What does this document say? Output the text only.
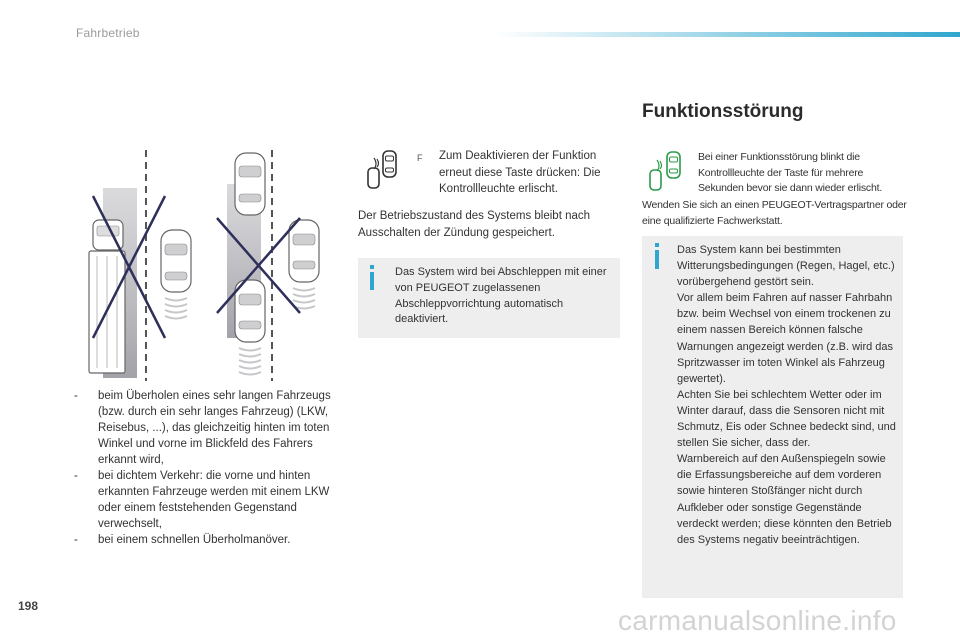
Fahrbetrieb
-	beim Überholen eines sehr langen Fahrzeugs (bzw. durch ein sehr langes Fahrzeug) (LKW, Reisebus, ...), das gleichzeitig hinten im toten Winkel und vorne im Blickfeld des Fahrers erkannt wird,
-	bei dichtem Verkehr: die vorne und hinten erkannten Fahrzeuge werden mit einem LKW oder einem feststehenden Gegenstand verwechselt,
-	bei einem schnellen Überholmanöver.
F	Zum Deaktivieren der Funktion erneut diese Taste drücken: Die Kontrollleuchte erlischt.
Der Betriebszustand des Systems bleibt nach Ausschalten der Zündung gespeichert.
Das System wird bei Abschleppen mit einer von PEUGEOT zugelassenen Abschleppvorrichtung automatisch deaktiviert.
Funktionsstörung
Bei einer Funktionsstörung blinkt die Kontrollleuchte der Taste für mehrere Sekunden bevor sie dann wieder erlischt.
Wenden Sie sich an einen PEUGEOT-Vertragspartner oder eine qualifizierte Fachwerkstatt.
Das System kann bei bestimmten Witterungsbedingungen (Regen, Hagel, etc.) vorübergehend gestört sein.
Vor allem beim Fahren auf nasser Fahrbahn bzw. beim Wechsel von einem trockenen zu einem nassen Bereich können falsche Warnungen angezeigt werden (z.B. wird das Spritzwasser im toten Winkel als Fahrzeug gewertet).
Achten Sie bei schlechtem Wetter oder im Winter darauf, dass die Sensoren nicht mit Schmutz, Eis oder Schnee bedeckt sind, und stellen Sie sicher, dass der.
Warnbereich auf den Außenspiegeln sowie die Erfassungsbereiche auf dem vorderen sowie hinteren Stoßfänger nicht durch Aufkleber oder sonstige Gegenstände verdeckt werden; diese könnten den Betrieb des Systems negativ beeinträchtigen.
198	carmanualsonline.info
